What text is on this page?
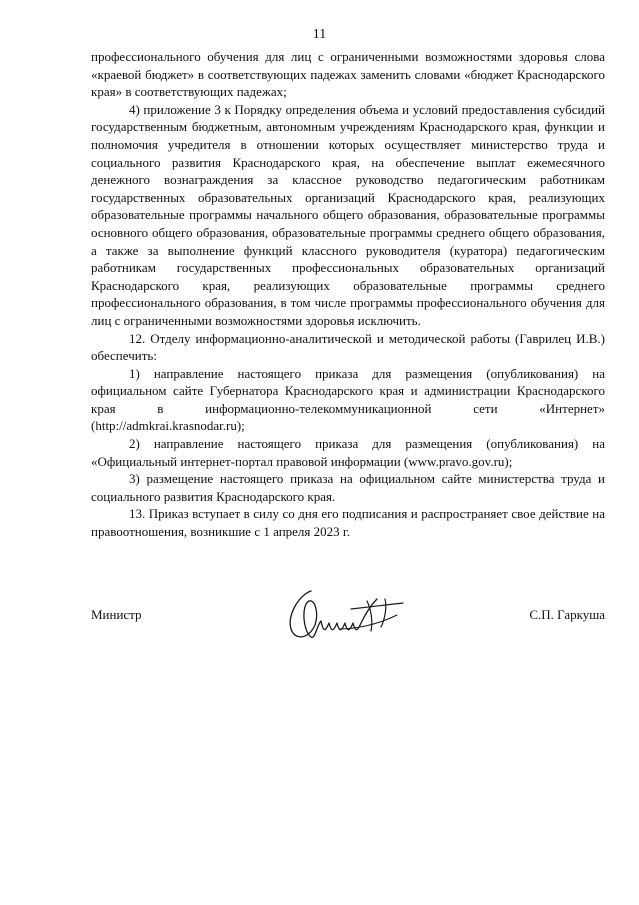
11

профессионального обучения для лиц с ограниченными возможностями здоровья слова «краевой бюджет» в соответствующих падежах заменить словами «бюджет Краснодарского края» в соответствующих падежах;

4) приложение 3 к Порядку определения объема и условий предоставления субсидий государственным бюджетным, автономным учреждениям Краснодарского края, функции и полномочия учредителя в отношении которых осуществляет министерство труда и социального развития Краснодарского края, на обеспечение выплат ежемесячного денежного вознаграждения за классное руководство педагогическим работникам государственных образовательных организаций Краснодарского края, реализующих образовательные программы начального общего образования, образовательные программы основного общего образования, образовательные программы среднего общего образования, а также за выполнение функций классного руководителя (куратора) педагогическим работникам государственных профессиональных образовательных организаций Краснодарского края, реализующих образовательные программы среднего профессионального образования, в том числе программы профессионального обучения для лиц с ограниченными возможностями здоровья исключить.

12. Отделу информационно-аналитической и методической работы (Гаврилец И.В.) обеспечить:

1) направление настоящего приказа для размещения (опубликования) на официальном сайте Губернатора Краснодарского края и администрации Краснодарского края в информационно-телекоммуникационной сети «Интернет» (http://admkrai.krasnodar.ru);

2) направление настоящего приказа для размещения (опубликования) на «Официальный интернет-портал правовой информации (www.pravo.gov.ru);

3) размещение настоящего приказа на официальном сайте министерства труда и социального развития Краснодарского края.

13. Приказ вступает в силу со дня его подписания и распространяет свое действие на правоотношения, возникшие с 1 апреля 2023 г.

Министр	С.П. Гаркуша
